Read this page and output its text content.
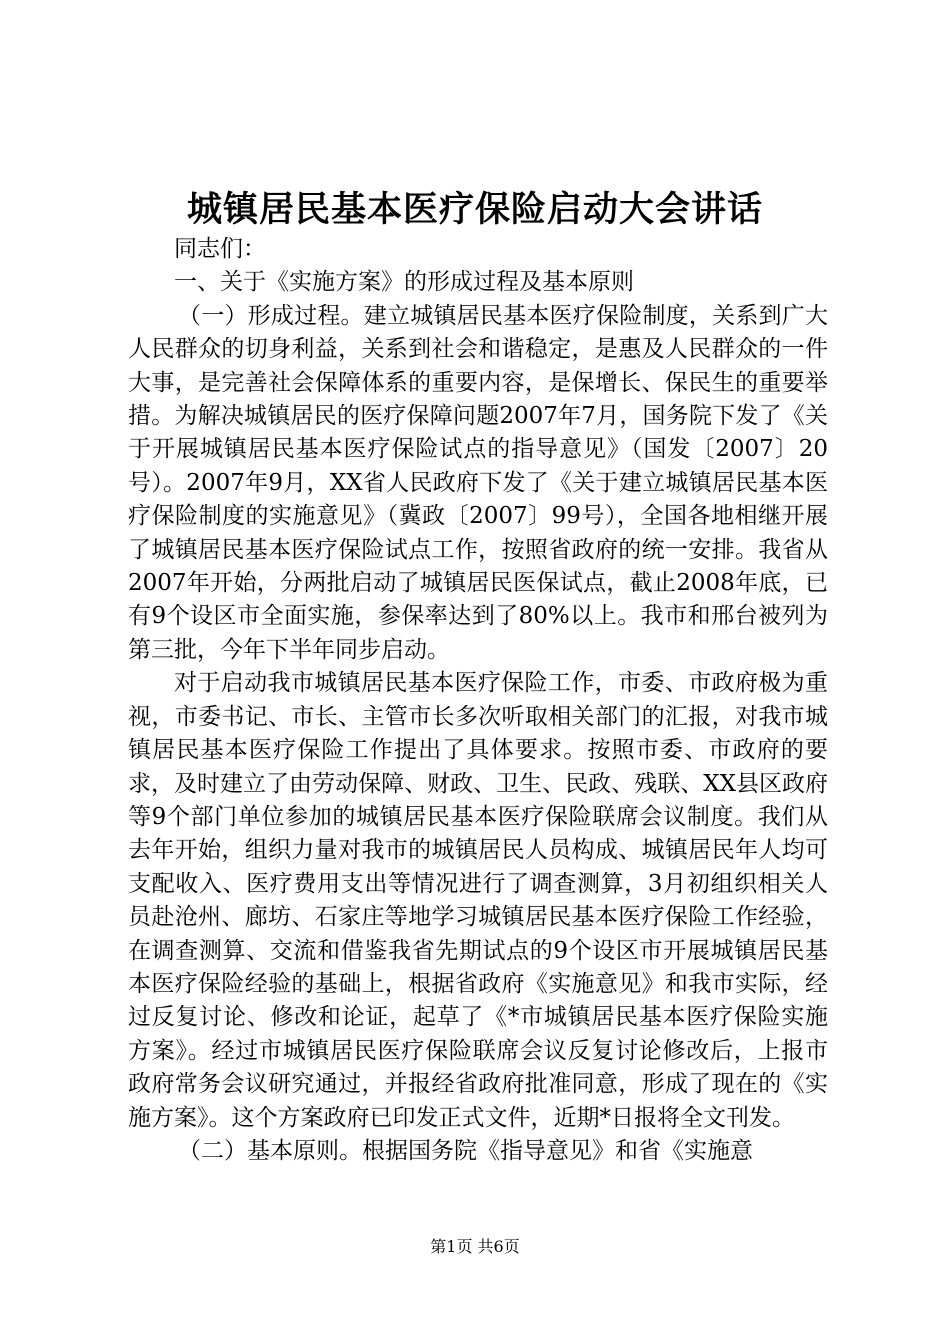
城镇居民基本医疗保险启动大会讲话

同志们：

一、关于《实施方案》的形成过程及基本原则

（一）形成过程。建立城镇居民基本医疗保险制度，关系到广大人民群众的切身利益，关系到社会和谐稳定，是惠及人民群众的一件大事，是完善社会保障体系的重要内容，是保增长、保民生的重要举措。为解决城镇居民的医疗保障问题2007年7月，国务院下发了《关于开展城镇居民基本医疗保险试点的指导意见》（国发〔2007〕20号）。2007年9月，XX省人民政府下发了《关于建立城镇居民基本医疗保险制度的实施意见》（冀政〔2007〕99号），全国各地相继开展了城镇居民基本医疗保险试点工作，按照省政府的统一安排。我省从2007年开始，分两批启动了城镇居民医保试点，截止2008年底，已有9个设区市全面实施，参保率达到了80%以上。我市和邢台被列为第三批，今年下半年同步启动。

对于启动我市城镇居民基本医疗保险工作，市委、市政府极为重视，市委书记、市长、主管市长多次听取相关部门的汇报，对我市城镇居民基本医疗保险工作提出了具体要求。按照市委、市政府的要求，及时建立了由劳动保障、财政、卫生、民政、残联、XX县区政府等9个部门单位参加的城镇居民基本医疗保险联席会议制度。我们从去年开始，组织力量对我市的城镇居民人员构成、城镇居民年人均可支配收入、医疗费用支出等情况进行了调查测算，3月初组织相关人员赴沧州、廊坊、石家庄等地学习城镇居民基本医疗保险工作经验，在调查测算、交流和借鉴我省先期试点的9个设区市开展城镇居民基本医疗保险经验的基础上，根据省政府《实施意见》和我市实际，经过反复讨论、修改和论证，起草了《*市城镇居民基本医疗保险实施方案》。经过市城镇居民医疗保险联席会议反复讨论修改后，上报市政府常务会议研究通过，并报经省政府批准同意，形成了现在的《实施方案》。这个方案政府已印发正式文件，近期*日报将全文刊发。

（二）基本原则。根据国务院《指导意见》和省《实施意

第1页 共6页
